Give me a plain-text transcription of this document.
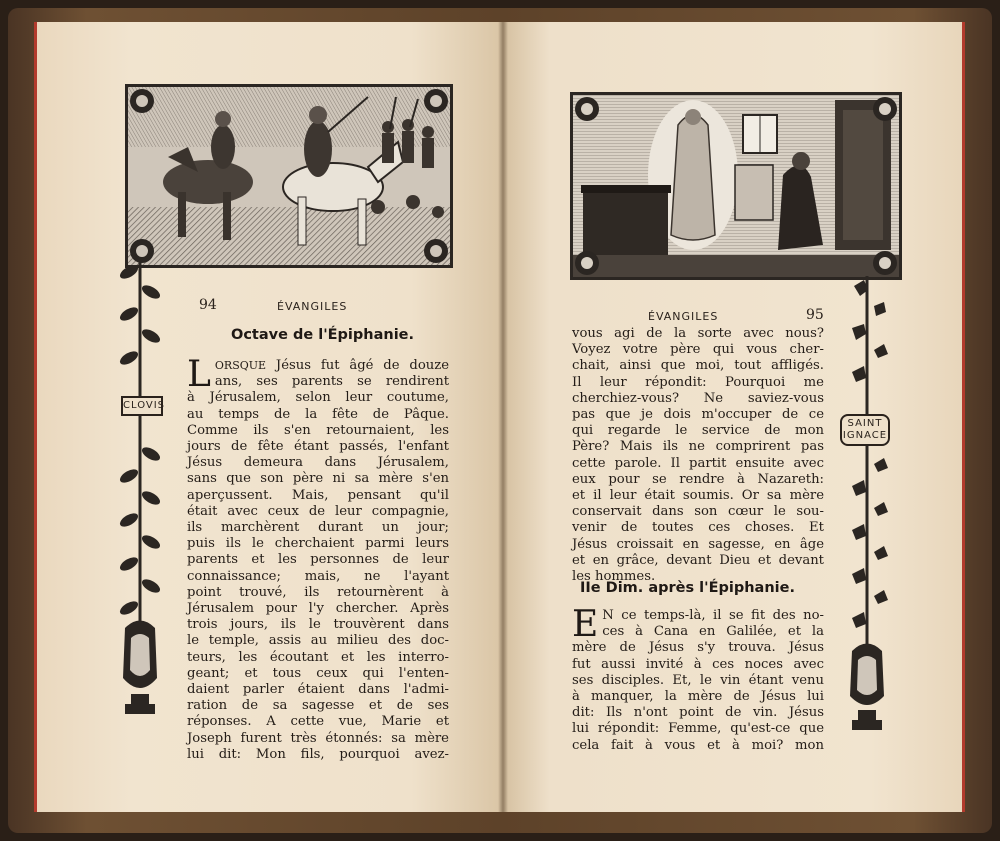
CLOVIS
94	ÉVANGILES
Octave de l'Épiphanie.
L ORSQUE Jésus fut âgé de douze
ans, ses parents se rendirent
à Jérusalem, selon leur coutume,
au temps de la fête de Pâque.
Comme ils s'en retournaient, les
jours de fête étant passés, l'enfant
Jésus demeura dans Jérusalem,
sans que son père ni sa mère s'en
aperçussent. Mais, pensant qu'il
était avec ceux de leur compagnie,
ils marchèrent durant un jour;
puis ils le cherchaient parmi leurs
parents et les personnes de leur
connaissance; mais, ne l'ayant
point trouvé, ils retournèrent à
Jérusalem pour l'y chercher. Après
trois jours, ils le trouvèrent dans
le temple, assis au milieu des doc-
teurs, les écoutant et les interro-
geant; et tous ceux qui l'enten-
daient parler étaient dans l'admi-
ration de sa sagesse et de ses
réponses. A cette vue, Marie et
Joseph furent très étonnés: sa mère
lui dit: Mon fils, pourquoi avez-
SAINT
IGNACE
ÉVANGILES	95
vous agi de la sorte avec nous?
Voyez votre père qui vous cher-
chait, ainsi que moi, tout affligés.
Il leur répondit: Pourquoi me
cherchiez-vous? Ne saviez-vous
pas que je dois m'occuper de ce
qui regarde le service de mon
Père? Mais ils ne comprirent pas
cette parole. Il partit ensuite avec
eux pour se rendre à Nazareth:
et il leur était soumis. Or sa mère
conservait dans son cœur le sou-
venir de toutes ces choses. Et
Jésus croissait en sagesse, en âge
et en grâce, devant Dieu et devant
les hommes.
IIe Dim. après l'Épiphanie.
E N ce temps-là, il se fit des no-
ces à Cana en Galilée, et la
mère de Jésus s'y trouva. Jésus
fut aussi invité à ces noces avec
ses disciples. Et, le vin étant venu
à manquer, la mère de Jésus lui
dit: Ils n'ont point de vin. Jésus
lui répondit: Femme, qu'est-ce que
cela fait à vous et à moi? mon
